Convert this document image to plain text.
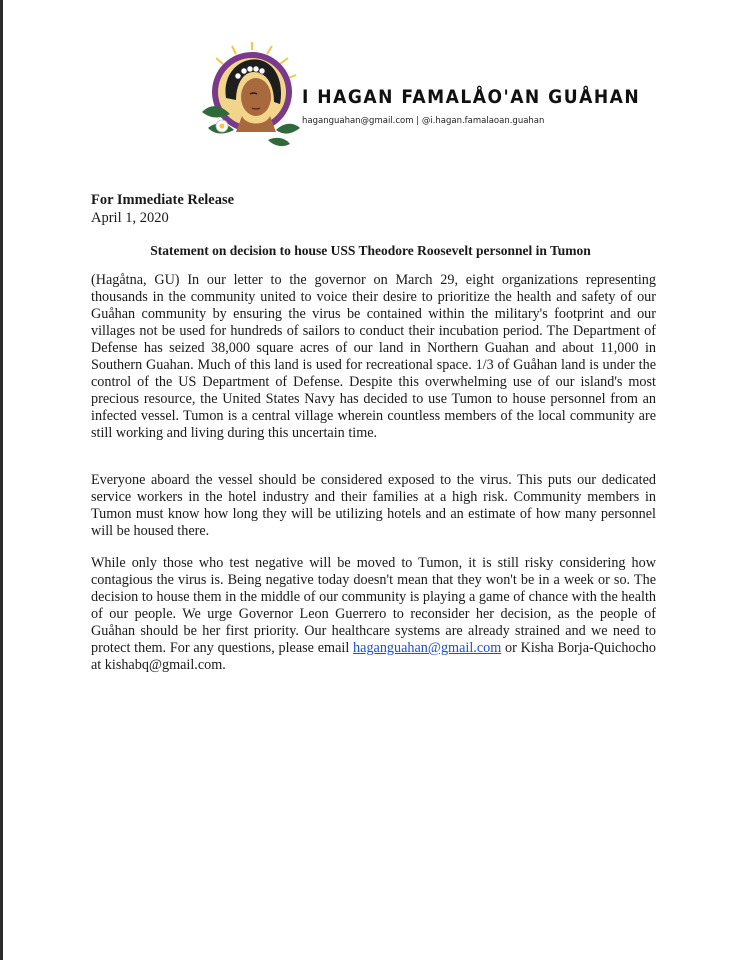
I HAGAN FAMALÅO'AN GUÅHAN
haganguahan@gmail.com | @i.hagan.famalaoan.guahan
For Immediate Release
April 1, 2020
Statement on decision to house USS Theodore Roosevelt personnel in Tumon

(Hagåtna, GU) In our letter to the governor on March 29, eight organizations representing thousands in the community united to voice their desire to prioritize the health and safety of our Guåhan community by ensuring the virus be contained within the military's footprint and our villages not be used for hundreds of sailors to conduct their incubation period. The Department of Defense has seized 38,000 square acres of our land in Northern Guahan and about 11,000 in Southern Guahan. Much of this land is used for recreational space. 1/3 of Guåhan land is under the control of the US Department of Defense. Despite this overwhelming use of our island's most precious resource, the United States Navy has decided to use Tumon to house personnel from an infected vessel. Tumon is a central village wherein countless members of the local community are still working and living during this uncertain time.

Everyone aboard the vessel should be considered exposed to the virus. This puts our dedicated service workers in the hotel industry and their families at a high risk. Community members in Tumon must know how long they will be utilizing hotels and an estimate of how many personnel will be housed there.

While only those who test negative will be moved to Tumon, it is still risky considering how contagious the virus is. Being negative today doesn't mean that they won't be in a week or so. The decision to house them in the middle of our community is playing a game of chance with the health of our people. We urge Governor Leon Guerrero to reconsider her decision, as the people of Guåhan should be her first priority. Our healthcare systems are already strained and we need to protect them. For any questions, please email haganguahan@gmail.com or Kisha Borja-Quichocho at kishabq@gmail.com.
